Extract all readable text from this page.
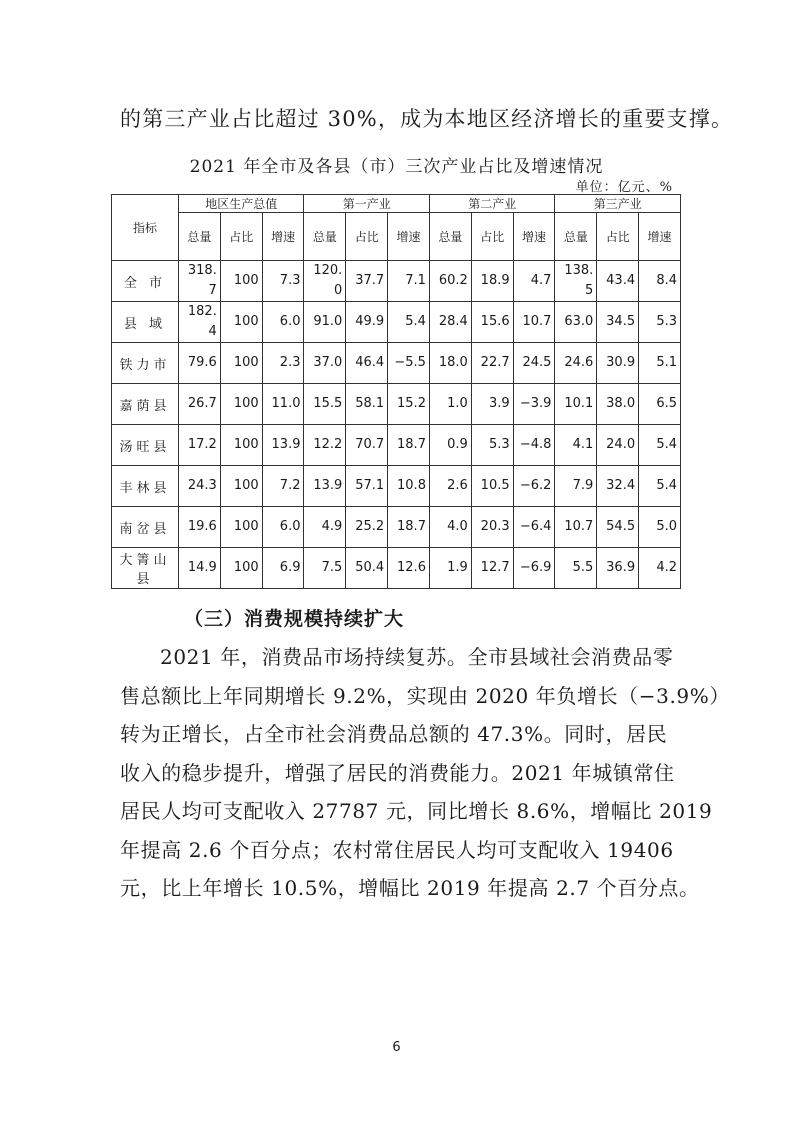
的第三产业占比超过 30%，成为本地区经济增长的重要支撑。
2021 年全市及各县（市）三次产业占比及增速情况
单位：亿元、%
指标	地区生产总值			第一产业			第二产业			第三产业		
	总量	占比	增速	总量	占比	增速	总量	占比	增速	总量	占比	增速
全 市	318.7	100	7.3	120.0	37.7	7.1	60.2	18.9	4.7	138.5	43.4	8.4
县 域	182.4	100	6.0	91.0	49.9	5.4	28.4	15.6	10.7	63.0	34.5	5.3
铁力市	79.6	100	2.3	37.0	46.4	−5.5	18.0	22.7	24.5	24.6	30.9	5.1
嘉荫县	26.7	100	11.0	15.5	58.1	15.2	1.0	3.9	−3.9	10.1	38.0	6.5
汤旺县	17.2	100	13.9	12.2	70.7	18.7	0.9	5.3	−4.8	4.1	24.0	5.4
丰林县	24.3	100	7.2	13.9	57.1	10.8	2.6	10.5	−6.2	7.9	32.4	5.4
南岔县	19.6	100	6.0	4.9	25.2	18.7	4.0	20.3	−6.4	10.7	54.5	5.0
大箐山县	14.9	100	6.9	7.5	50.4	12.6	1.9	12.7	−6.9	5.5	36.9	4.2
（三）消费规模持续扩大

2021 年，消费品市场持续复苏。全市县域社会消费品零

售总额比上年同期增长 9.2%，实现由 2020 年负增长（−3.9%）

转为正增长，占全市社会消费品总额的 47.3%。同时，居民

收入的稳步提升，增强了居民的消费能力。2021 年城镇常住

居民人均可支配收入 27787 元，同比增长 8.6%，增幅比 2019

年提高 2.6 个百分点；农村常住居民人均可支配收入 19406

元，比上年增长 10.5%，增幅比 2019 年提高 2.7 个百分点。

6
